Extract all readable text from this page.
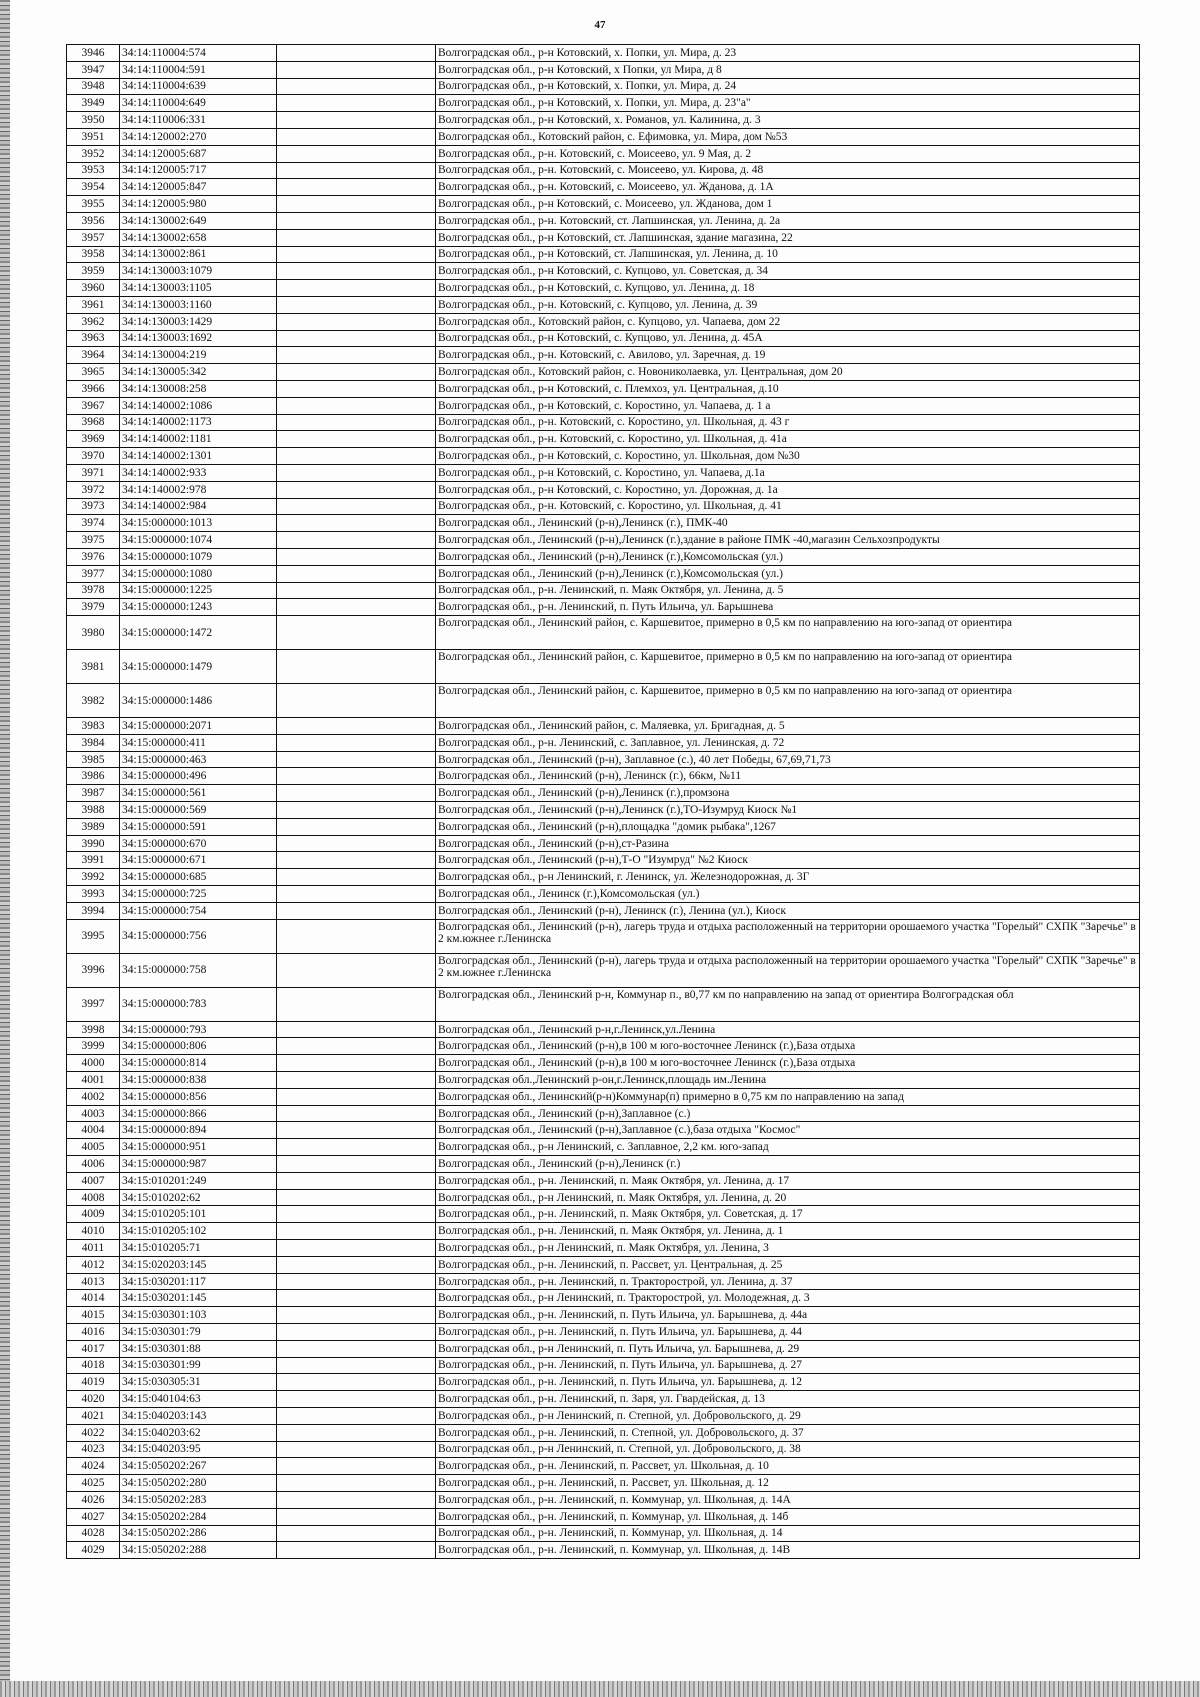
47
3946	34:14:110004:574		Волгоградская обл., р-н Котовский, х. Попки, ул. Мира, д. 23
3947	34:14:110004:591		Волгоградская обл., р-н Котовский, х Попки, ул Мира, д 8
3948	34:14:110004:639		Волгоградская обл., р-н Котовский, х. Попки, ул. Мира, д. 24
3949	34:14:110004:649		Волгоградская обл., р-н Котовский, х. Попки, ул. Мира, д. 23"а"
3950	34:14:110006:331		Волгоградская обл., р-н Котовский, х. Романов, ул. Калинина, д. 3
3951	34:14:120002:270		Волгоградская обл., Котовский район, с. Ефимовка, ул. Мира, дом №53
3952	34:14:120005:687		Волгоградская обл., р-н. Котовский, с. Моисеево, ул. 9 Мая, д. 2
3953	34:14:120005:717		Волгоградская обл., р-н. Котовский, с. Моисеево, ул. Кирова, д. 48
3954	34:14:120005:847		Волгоградская обл., р-н. Котовский, с. Моисеево, ул. Жданова, д. 1А
3955	34:14:120005:980		Волгоградская обл., р-н Котовский, с. Моисеево, ул. Жданова, дом 1
3956	34:14:130002:649		Волгоградская обл., р-н. Котовский, ст. Лапшинская, ул. Ленина, д. 2а
3957	34:14:130002:658		Волгоградская обл., р-н Котовский, ст. Лапшинская, здание магазина, 22
3958	34:14:130002:861		Волгоградская обл., р-н Котовский, ст. Лапшинская, ул. Ленина, д. 10
3959	34:14:130003:1079		Волгоградская обл., р-н Котовский, с. Купцово, ул. Советская, д. 34
3960	34:14:130003:1105		Волгоградская обл., р-н Котовский, с. Купцово, ул. Ленина, д. 18
3961	34:14:130003:1160		Волгоградская обл., р-н. Котовский, с. Купцово, ул. Ленина, д. 39
3962	34:14:130003:1429		Волгоградская обл., Котовский район, с. Купцово, ул. Чапаева, дом 22
3963	34:14:130003:1692		Волгоградская обл., р-н Котовский, с. Купцово, ул. Ленина, д. 45А
3964	34:14:130004:219		Волгоградская обл., р-н. Котовский, с. Авилово, ул. Заречная, д. 19
3965	34:14:130005:342		Волгоградская обл., Котовский район, с. Новониколаевка, ул. Центральная, дом 20
3966	34:14:130008:258		Волгоградская обл., р-н Котовский, с. Племхоз, ул. Центральная, д.10
3967	34:14:140002:1086		Волгоградская обл., р-н Котовский, с. Коростино, ул. Чапаева, д. 1 а
3968	34:14:140002:1173		Волгоградская обл., р-н. Котовский, с. Коростино, ул. Школьная, д. 43 г
3969	34:14:140002:1181		Волгоградская обл., р-н. Котовский, с. Коростино, ул. Школьная, д. 41а
3970	34:14:140002:1301		Волгоградская обл., р-н Котовский, с. Коростино, ул. Школьная, дом №30
3971	34:14:140002:933		Волгоградская обл., р-н Котовский, с. Коростино, ул. Чапаева, д.1а
3972	34:14:140002:978		Волгоградская обл., р-н Котовский, с. Коростино, ул. Дорожная, д. 1а
3973	34:14:140002:984		Волгоградская обл., р-н. Котовский, с. Коростино, ул. Школьная, д. 41
3974	34:15:000000:1013		Волгоградская обл., Ленинский (р-н),Ленинск (г.), ПМК-40
3975	34:15:000000:1074		Волгоградская обл., Ленинский (р-н),Ленинск (г.),здание в районе ПМК -40,магазин Сельхозпродукты
3976	34:15:000000:1079		Волгоградская обл., Ленинский (р-н),Ленинск (г.),Комсомольская (ул.)
3977	34:15:000000:1080		Волгоградская обл., Ленинский (р-н),Ленинск (г.),Комсомольская (ул.)
3978	34:15:000000:1225		Волгоградская обл., р-н. Ленинский, п. Маяк Октября, ул. Ленина, д. 5
3979	34:15:000000:1243		Волгоградская обл., р-н. Ленинский, п. Путь Ильича, ул. Барышнева
3980	34:15:000000:1472		Волгоградская обл., Ленинский район, с. Каршевитое, примерно в 0,5 км по направлению на юго-запад от ориентира
3981	34:15:000000:1479		Волгоградская обл., Ленинский район, с. Каршевитое, примерно в 0,5 км по направлению на юго-запад от ориентира
3982	34:15:000000:1486		Волгоградская обл., Ленинский район, с. Каршевитое, примерно в 0,5 км по направлению на юго-запад от ориентира
3983	34:15:000000:2071		Волгоградская обл., Ленинский район, с. Маляевка, ул. Бригадная, д. 5
3984	34:15:000000:411		Волгоградская обл., р-н. Ленинский, с. Заплавное, ул. Ленинская, д. 72
3985	34:15:000000:463		Волгоградская обл., Ленинский (р-н), Заплавное (с.), 40 лет Победы, 67,69,71,73
3986	34:15:000000:496		Волгоградская обл., Ленинский (р-н), Ленинск (г.), 66км, №11
3987	34:15:000000:561		Волгоградская обл., Ленинский (р-н),Ленинск (г.),промзона
3988	34:15:000000:569		Волгоградская обл., Ленинский (р-н),Ленинск (г.),ТО-Изумруд Киоск №1
3989	34:15:000000:591		Волгоградская обл., Ленинский (р-н),площадка "домик рыбака",1267
3990	34:15:000000:670		Волгоградская обл., Ленинский (р-н),ст-Разина
3991	34:15:000000:671		Волгоградская обл., Ленинский (р-н),Т-О "Изумруд" №2 Киоск
3992	34:15:000000:685		Волгоградская обл., р-н Ленинский, г. Ленинск, ул. Железнодорожная, д. 3Г
3993	34:15:000000:725		Волгоградская обл., Ленинск (г.),Комсомольская (ул.)
3994	34:15:000000:754		Волгоградская обл., Ленинский (р-н), Ленинск (г.), Ленина (ул.), Киоск
3995	34:15:000000:756		Волгоградская обл., Ленинский (р-н), лагерь труда и отдыха расположенный на территории орошаемого участка "Горелый" СХПК "Заречье" в 2 км.южнее г.Ленинска
3996	34:15:000000:758		Волгоградская обл., Ленинский (р-н), лагерь труда и отдыха расположенный на территории орошаемого участка "Горелый" СХПК "Заречье" в 2 км.южнее г.Ленинска
3997	34:15:000000:783		Волгоградская обл., Ленинский р-н, Коммунар п., в0,77 км по направлению на запад от ориентира Волгоградская обл
3998	34:15:000000:793		Волгоградская обл., Ленинский р-н,г.Ленинск,ул.Ленина
3999	34:15:000000:806		Волгоградская обл., Ленинский (р-н),в 100 м юго-восточнее Ленинск (г.),База отдыха
4000	34:15:000000:814		Волгоградская обл., Ленинский (р-н),в 100 м юго-восточнее Ленинск (г.),База отдыха
4001	34:15:000000:838		Волгоградская обл.,Ленинский р-он,г.Ленинск,площадь им.Ленина
4002	34:15:000000:856		Волгоградская обл., Ленинский(р-н)Коммунар(п) примерно в 0,75 км по направлению на запад
4003	34:15:000000:866		Волгоградская обл., Ленинский (р-н),Заплавное (с.)
4004	34:15:000000:894		Волгоградская обл., Ленинский (р-н),Заплавное (с.),база отдыха "Космос"
4005	34:15:000000:951		Волгоградская обл., р-н Ленинский, с. Заплавное, 2,2 км. юго-запад
4006	34:15:000000:987		Волгоградская обл., Ленинский (р-н),Ленинск (г.)
4007	34:15:010201:249		Волгоградская обл., р-н. Ленинский, п. Маяк Октября, ул. Ленина, д. 17
4008	34:15:010202:62		Волгоградская обл., р-н Ленинский, п. Маяк Октября, ул. Ленина, д. 20
4009	34:15:010205:101		Волгоградская обл., р-н. Ленинский, п. Маяк Октября, ул. Советская, д. 17
4010	34:15:010205:102		Волгоградская обл., р-н. Ленинский, п. Маяк Октября, ул. Ленина, д. 1
4011	34:15:010205:71		Волгоградская обл., р-н Ленинский, п. Маяк Октября, ул. Ленина, 3
4012	34:15:020203:145		Волгоградская обл., р-н. Ленинский, п. Рассвет, ул. Центральная, д. 25
4013	34:15:030201:117		Волгоградская обл., р-н. Ленинский, п. Тракторострой, ул. Ленина, д. 37
4014	34:15:030201:145		Волгоградская обл., р-н Ленинский, п. Тракторострой, ул. Молодежная, д. 3
4015	34:15:030301:103		Волгоградская обл., р-н. Ленинский, п. Путь Ильича, ул. Барышнева, д. 44а
4016	34:15:030301:79		Волгоградская обл., р-н. Ленинский, п. Путь Ильича, ул. Барышнева, д. 44
4017	34:15:030301:88		Волгоградская обл., р-н Ленинский, п. Путь Ильича, ул. Барышнева, д. 29
4018	34:15:030301:99		Волгоградская обл., р-н. Ленинский, п. Путь Ильича, ул. Барышнева, д. 27
4019	34:15:030305:31		Волгоградская обл., р-н. Ленинский, п. Путь Ильича, ул. Барышнева, д. 12
4020	34:15:040104:63		Волгоградская обл., р-н. Ленинский, п. Заря, ул. Гвардейская, д. 13
4021	34:15:040203:143		Волгоградская обл., р-н Ленинский, п. Степной, ул. Добровольского, д. 29
4022	34:15:040203:62		Волгоградская обл., р-н. Ленинский, п. Степной, ул. Добровольского, д. 37
4023	34:15:040203:95		Волгоградская обл., р-н Ленинский, п. Степной, ул. Добровольского, д. 38
4024	34:15:050202:267		Волгоградская обл., р-н. Ленинский, п. Рассвет, ул. Школьная, д. 10
4025	34:15:050202:280		Волгоградская обл., р-н. Ленинский, п. Рассвет, ул. Школьная, д. 12
4026	34:15:050202:283		Волгоградская обл., р-н. Ленинский, п. Коммунар, ул. Школьная, д. 14А
4027	34:15:050202:284		Волгоградская обл., р-н. Ленинский, п. Коммунар, ул. Школьная, д. 14б
4028	34:15:050202:286		Волгоградская обл., р-н. Ленинский, п. Коммунар, ул. Школьная, д. 14
4029	34:15:050202:288		Волгоградская обл., р-н. Ленинский, п. Коммунар, ул. Школьная, д. 14В
